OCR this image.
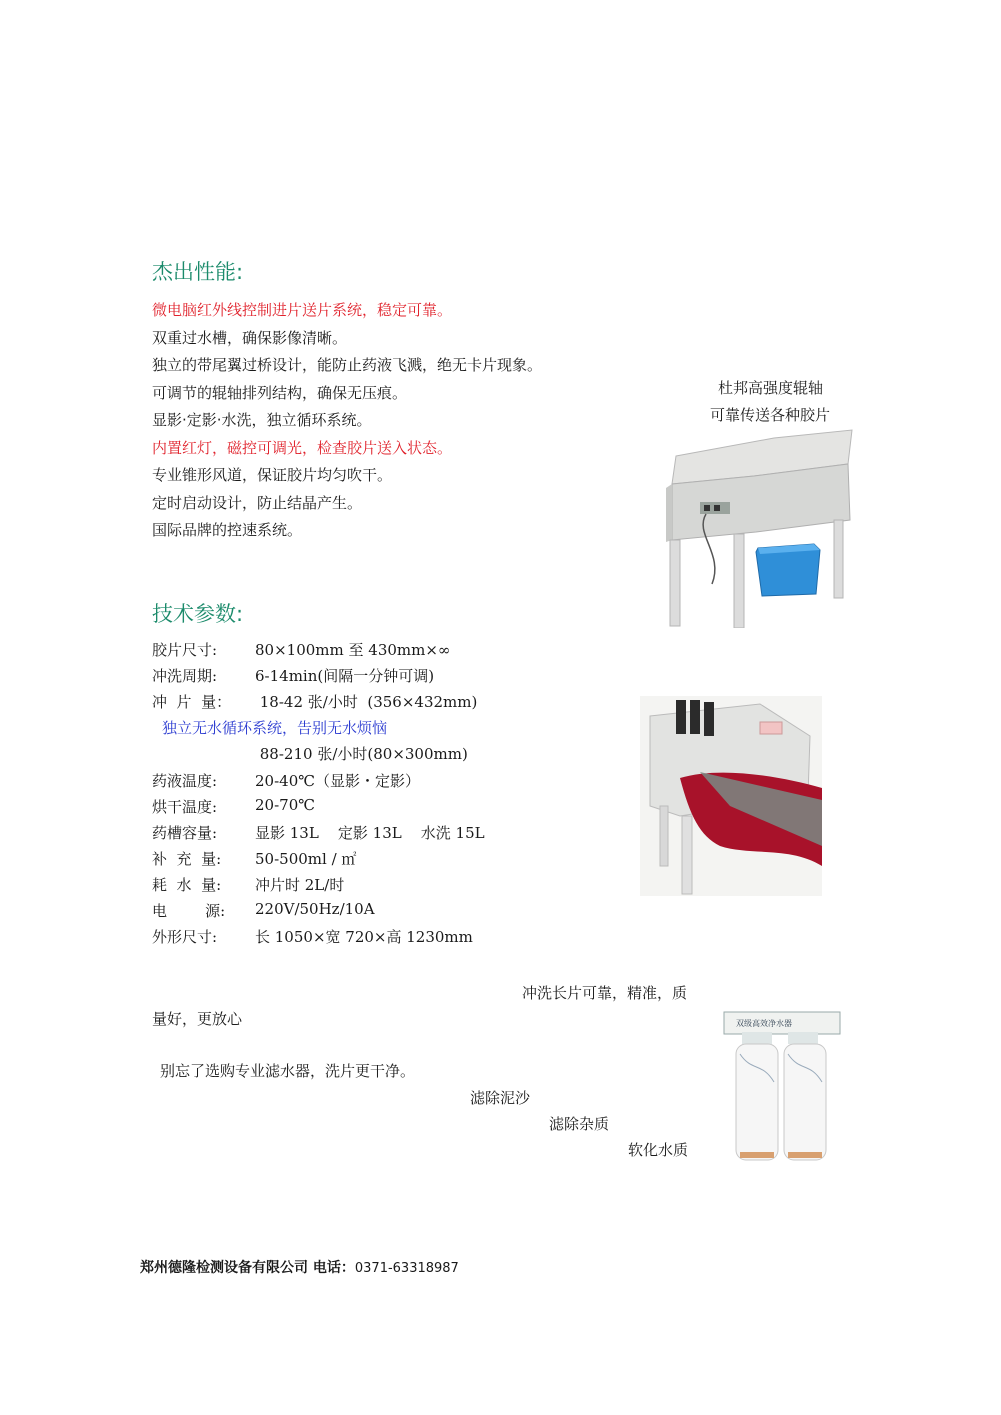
杰出性能:
微电脑红外线控制进片送片系统，稳定可靠。
双重过水槽，确保影像清晰。
独立的带尾翼过桥设计，能防止药液飞溅，绝无卡片现象。
可调节的辊轴排列结构，确保无压痕。
显影·定影·水洗，独立循环系统。
内置红灯，磁控可调光，检查胶片送入状态。
专业锥形风道，保证胶片均匀吹干。
定时启动设计，防止结晶产生。
国际品牌的控速系统。
杜邦高强度辊轴
可靠传送各种胶片
技术参数:
胶片尺寸:	80×100mm 至 430mm×∞
冲洗周期:	6-14min(间隔一分钟可调)
冲  片  量： 18-42 张/小时  (356×432mm)
独立无水循环系统，告别无水烦恼
88-210 张/小时(80×300mm)
药液温度:	20-40℃（显影・定影）
烘干温度:	20-70℃
药槽容量:	显影 13L    定影 13L    水洗 15L
补  充  量: 50-500ml / ㎡
耗  水  量: 冲片时 2L/时
电        源: 220V/50Hz/10A
外形尺寸:	长 1050×宽 720×高 1230mm
冲洗长片可靠，精准，质
量好，更放心
别忘了选购专业滤水器，洗片更干净。
滤除泥沙
滤除杂质
软化水质
双级高效净水器
郑州德隆检测设备有限公司 电话：0371-63318987
